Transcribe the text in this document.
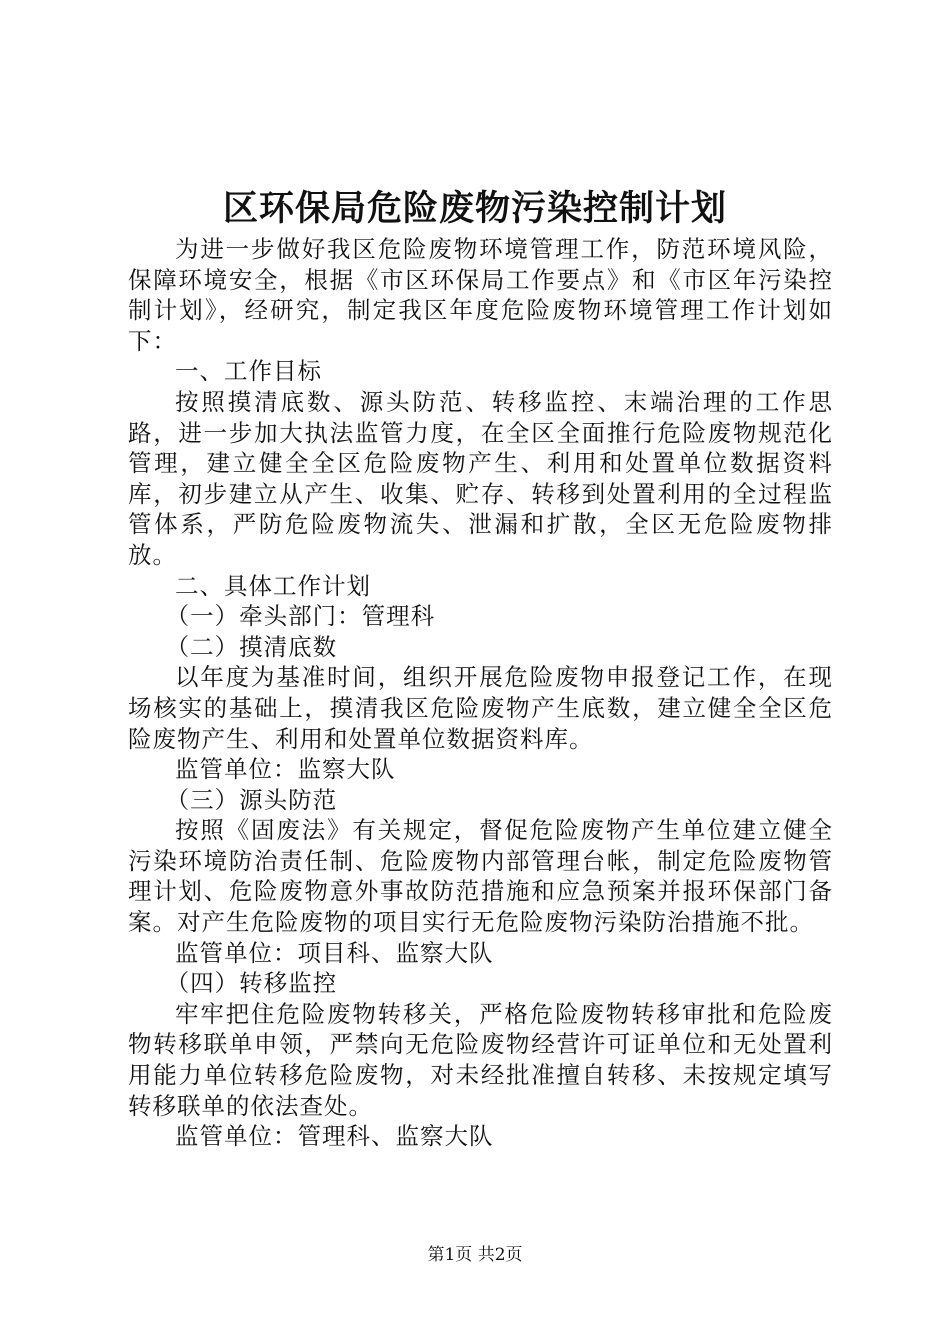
区环保局危险废物污染控制计划

为进一步做好我区危险废物环境管理工作，防范环境风险，保障环境安全，根据《市区环保局工作要点》和《市区年污染控制计划》，经研究，制定我区年度危险废物环境管理工作计划如下：

一、工作目标

按照摸清底数、源头防范、转移监控、末端治理的工作思路，进一步加大执法监管力度，在全区全面推行危险废物规范化管理，建立健全全区危险废物产生、利用和处置单位数据资料库，初步建立从产生、收集、贮存、转移到处置利用的全过程监管体系，严防危险废物流失、泄漏和扩散，全区无危险废物排放。

二、具体工作计划

（一）牵头部门：管理科

（二）摸清底数

以年度为基准时间，组织开展危险废物申报登记工作，在现场核实的基础上，摸清我区危险废物产生底数，建立健全全区危险废物产生、利用和处置单位数据资料库。

监管单位：监察大队

（三）源头防范

按照《固废法》有关规定，督促危险废物产生单位建立健全污染环境防治责任制、危险废物内部管理台帐，制定危险废物管理计划、危险废物意外事故防范措施和应急预案并报环保部门备案。对产生危险废物的项目实行无危险废物污染防治措施不批。

监管单位：项目科、监察大队

（四）转移监控

牢牢把住危险废物转移关，严格危险废物转移审批和危险废物转移联单申领，严禁向无危险废物经营许可证单位和无处置利用能力单位转移危险废物，对未经批准擅自转移、未按规定填写转移联单的依法查处。

监管单位：管理科、监察大队

第1页 共2页
